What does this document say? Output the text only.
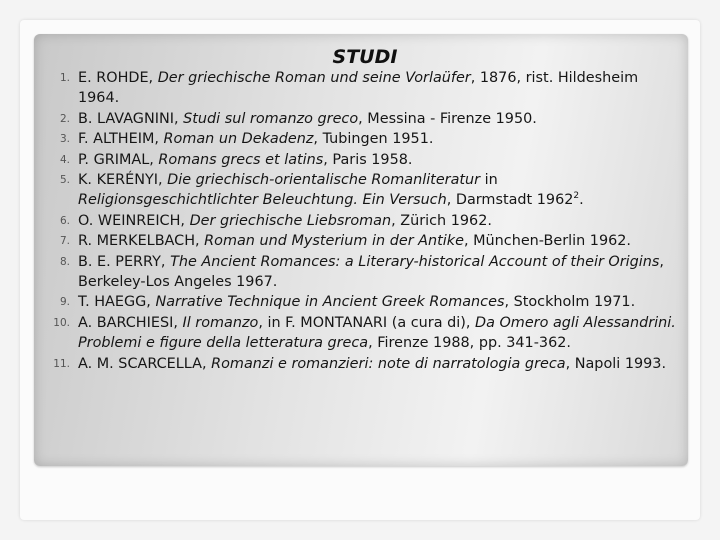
STUDI
1. E. ROHDE, Der griechische Roman und seine Vorlaüfer, 1876, rist. Hildesheim 1964.
2. B. LAVAGNINI, Studi sul romanzo greco, Messina - Firenze 1950.
3. F. ALTHEIM, Roman un Dekadenz, Tubingen 1951.
4. P. GRIMAL, Romans grecs et latins, Paris 1958.
5. K. KERÉNYI, Die griechisch-orientalische Romanliteratur in Religionsgeschichtlichter Beleuchtung. Ein Versuch, Darmstadt 1962$^2$.
6. O. WEINREICH, Der griechische Liebsroman, Zürich 1962.
7. R. MERKELBACH, Roman und Mysterium in der Antike, München-Berlin 1962.
8. B. E. PERRY, The Ancient Romances: a Literary-historical Account of their Origins, Berkeley-Los Angeles 1967.
9. T. HAEGG, Narrative Technique in Ancient Greek Romances, Stockholm 1971.
10. A. BARCHIESI, Il romanzo, in F. MONTANARI (a cura di), Da Omero agli Alessandrini. Problemi e figure della letteratura greca, Firenze 1988, pp. 341-362.
11. A. M. SCARCELLA, Romanzi e romanzieri: note di narratologia greca, Napoli 1993.
